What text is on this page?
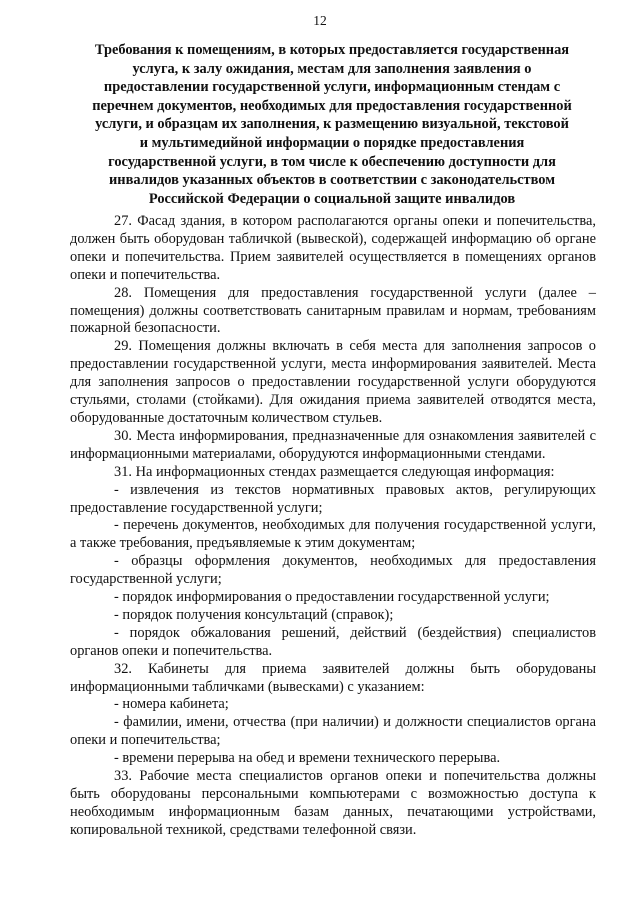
12
Требования к помещениям, в которых предоставляется государственная
услуга, к залу ожидания, местам для заполнения заявления о
предоставлении государственной услуги, информационным стендам с
перечнем документов, необходимых для предоставления государственной
услуги, и образцам их заполнения, к размещению визуальной, текстовой
и мультимедийной информации о порядке предоставления
государственной услуги, в том числе к обеспечению доступности для
инвалидов указанных объектов в соответствии с законодательством
Российской Федерации о социальной защите инвалидов

27. Фасад здания, в котором располагаются органы опеки и попечительства, должен быть оборудован табличкой (вывеской), содержащей информацию об органе опеки и попечительства. Прием заявителей осуществляется в помещениях органов опеки и попечительства.

28. Помещения для предоставления государственной услуги (далее – помещения) должны соответствовать санитарным правилам и нормам, требованиям пожарной безопасности.

29. Помещения должны включать в себя места для заполнения запросов о предоставлении государственной услуги, места информирования заявителей. Места для заполнения запросов о предоставлении государственной услуги оборудуются стульями, столами (стойками). Для ожидания приема заявителей отводятся места, оборудованные достаточным количеством стульев.

30. Места информирования, предназначенные для ознакомления заявителей с информационными материалами, оборудуются информационными стендами.

31. На информационных стендах размещается следующая информация:

- извлечения из текстов нормативных правовых актов, регулирующих предоставление государственной услуги;

- перечень документов, необходимых для получения государственной услуги, а также требования, предъявляемые к этим документам;

- образцы оформления документов, необходимых для предоставления государственной услуги;

- порядок информирования о предоставлении государственной услуги;

- порядок получения консультаций (справок);

- порядок обжалования решений, действий (бездействия) специалистов органов опеки и попечительства.

32. Кабинеты для приема заявителей должны быть оборудованы информационными табличками (вывесками) с указанием:

- номера кабинета;

- фамилии, имени, отчества (при наличии) и должности специалистов органа опеки и попечительства;

- времени перерыва на обед и времени технического перерыва.

33. Рабочие места специалистов органов опеки и попечительства должны быть оборудованы персональными компьютерами с возможностью доступа к необходимым информационным базам данных, печатающими устройствами, копировальной техникой, средствами телефонной связи.
